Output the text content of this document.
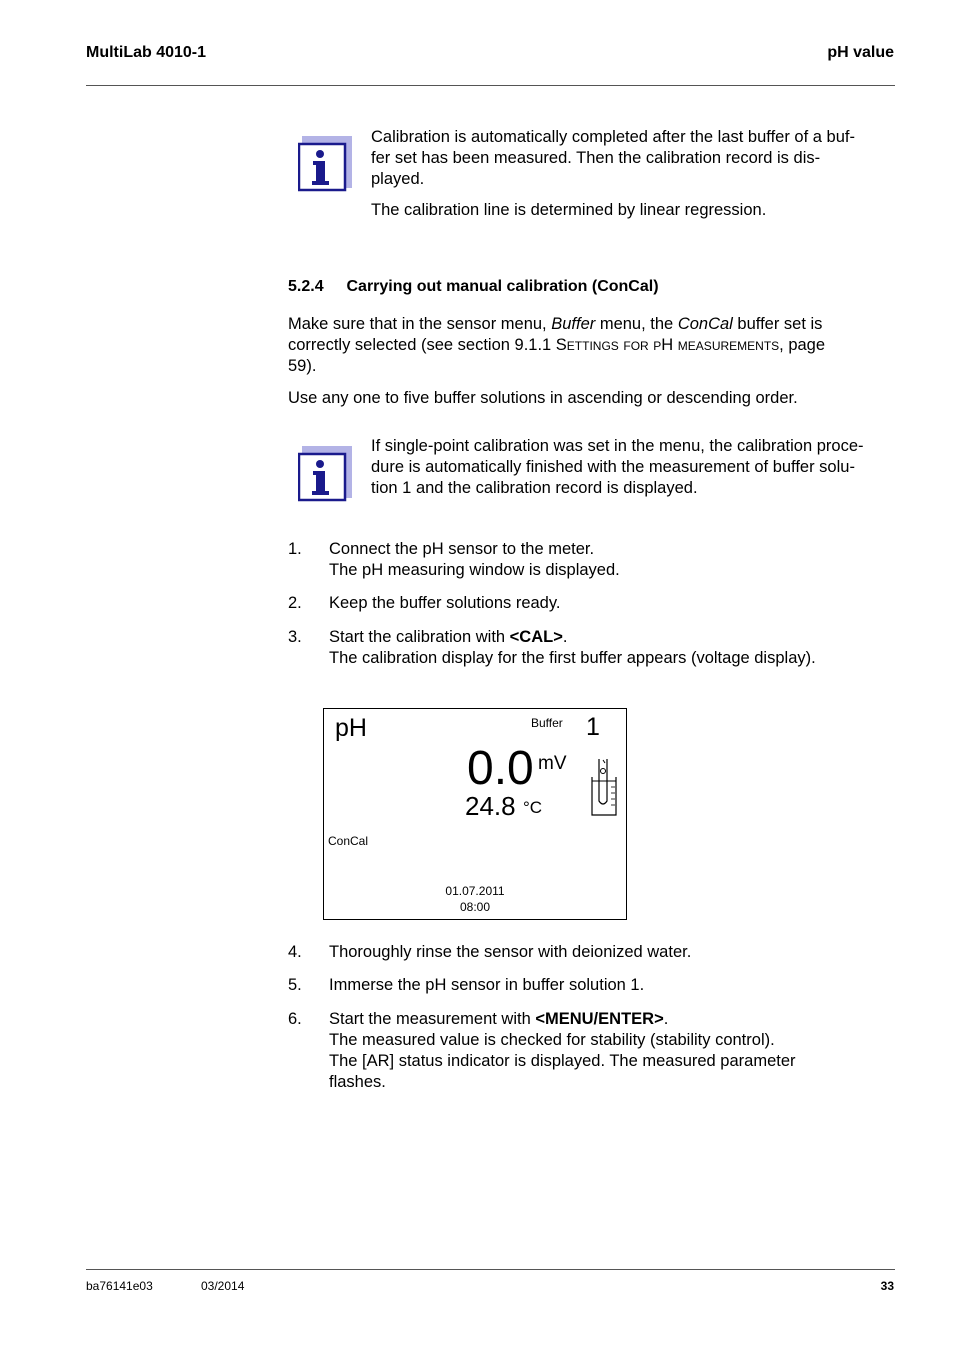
MultiLab 4010-1	pH value
Calibration is automatically completed after the last buffer of a buf-
fer set has been measured. Then the calibration record is dis-
played.
The calibration line is determined by linear regression.
5.2.4 Carrying out manual calibration (ConCal)
Make sure that in the sensor menu, Buffer menu, the ConCal buffer set is
correctly selected (see section 9.1.1 Settings for pH measurements, page
59).
Use any one to five buffer solutions in ascending or descending order.
If single-point calibration was set in the menu, the calibration proce-
dure is automatically finished with the measurement of buffer solu-
tion 1 and the calibration record is displayed.
1. Connect the pH sensor to the meter.
The pH measuring window is displayed.
2. Keep the buffer solutions ready.
3. Start the calibration with <CAL>.
The calibration display for the first buffer appears (voltage display).
pH	Buffer 1
0.0 mV
24.8 °C
ConCal
01.07.2011
08:00
4. Thoroughly rinse the sensor with deionized water.
5. Immerse the pH sensor in buffer solution 1.
6. Start the measurement with <MENU/ENTER>.
The measured value is checked for stability (stability control).
The [AR] status indicator is displayed. The measured parameter
flashes.
ba76141e03	03/2014	33
